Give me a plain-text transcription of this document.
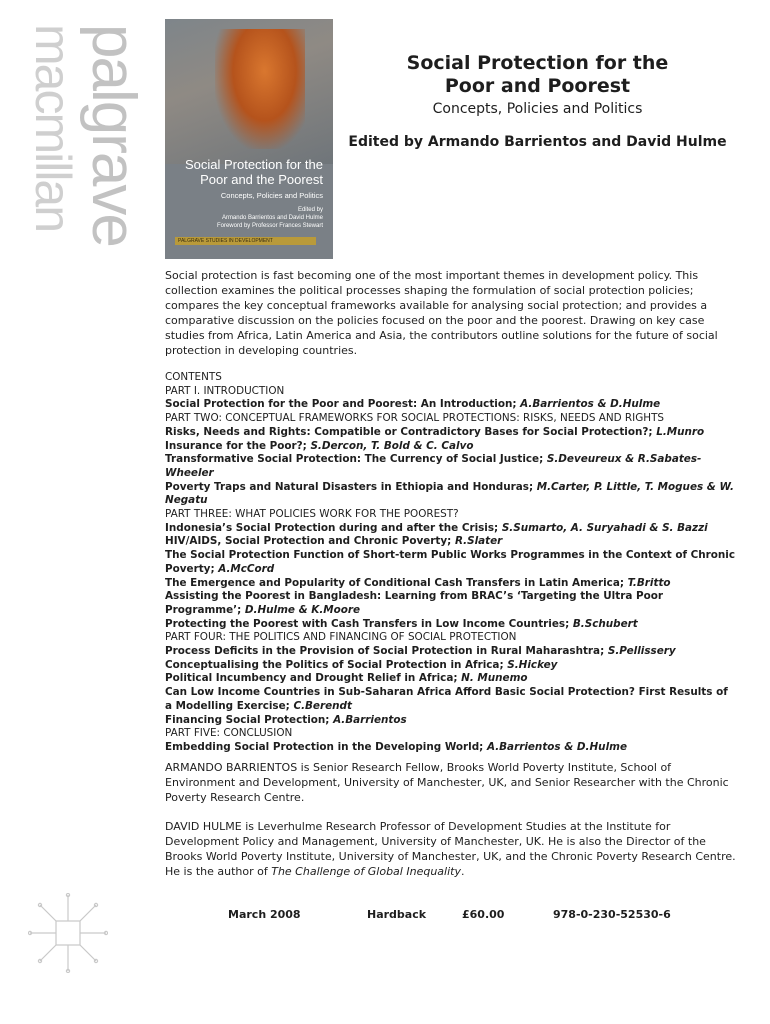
palgrave
macmillan	Social Protection for the Poor and the Poorest
Concepts, Policies and Politics
Edited by
Armando Barrientos and David Hulme
Foreword by Professor Frances Stewart
PALGRAVE STUDIES IN DEVELOPMENT
Social Protection for the
Poor and Poorest
Concepts, Policies and Politics
Edited by Armando Barrientos and David Hulme
Social protection is fast becoming one of the most important themes in development policy. This collection examines the political processes shaping the formulation of social protection policies; compares the key conceptual frameworks available for analysing social protection; and provides a comparative discussion on the policies focused on the poor and the poorest. Drawing on key case studies from Africa, Latin America and Asia, the contributors outline solutions for the future of social protection in developing countries.
CONTENTS
PART I. INTRODUCTION
Social Protection for the Poor and Poorest: An Introduction; A.Barrientos & D.Hulme
PART TWO: CONCEPTUAL FRAMEWORKS FOR SOCIAL PROTECTIONS: RISKS, NEEDS AND RIGHTS
Risks, Needs and Rights: Compatible or Contradictory Bases for Social Protection?; L.Munro
Insurance for the Poor?; S.Dercon, T. Bold & C. Calvo
Transformative Social Protection: The Currency of Social Justice; S.Deveureux & R.Sabates-Wheeler
Poverty Traps and Natural Disasters in Ethiopia and Honduras; M.Carter, P. Little, T. Mogues & W. Negatu
PART THREE: WHAT POLICIES WORK FOR THE POOREST?
Indonesia’s Social Protection during and after the Crisis; S.Sumarto, A. Suryahadi & S. Bazzi
HIV/AIDS, Social Protection and Chronic Poverty; R.Slater
The Social Protection Function of Short-term Public Works Programmes in the Context of Chronic Poverty; A.McCord
The Emergence and Popularity of Conditional Cash Transfers in Latin America; T.Britto
Assisting the Poorest in Bangladesh: Learning from BRAC’s ‘Targeting the Ultra Poor Programme’; D.Hulme & K.Moore
Protecting the Poorest with Cash Transfers in Low Income Countries; B.Schubert
PART FOUR: THE POLITICS AND FINANCING OF SOCIAL PROTECTION
Process Deficits in the Provision of Social Protection in Rural Maharashtra; S.Pellissery
Conceptualising the Politics of Social Protection in Africa; S.Hickey
Political Incumbency and Drought Relief in Africa; N. Munemo
Can Low Income Countries in Sub-Saharan Africa Afford Basic Social Protection? First Results of a Modelling Exercise; C.Berendt
Financing Social Protection; A.Barrientos
PART FIVE: CONCLUSION
Embedding Social Protection in the Developing World; A.Barrientos & D.Hulme
ARMANDO BARRIENTOS is Senior Research Fellow, Brooks World Poverty Institute, School of Environment and Development, University of Manchester, UK, and Senior Researcher with the Chronic Poverty Research Centre.
DAVID HULME is Leverhulme Research Professor of Development Studies at the Institute for Development Policy and Management, University of Manchester, UK. He is also the Director of the Brooks World Poverty Institute, University of Manchester, UK, and the Chronic Poverty Research Centre. He is the author of The Challenge of Global Inequality.
March 2008	Hardback	£60.00	978-0-230-52530-6
